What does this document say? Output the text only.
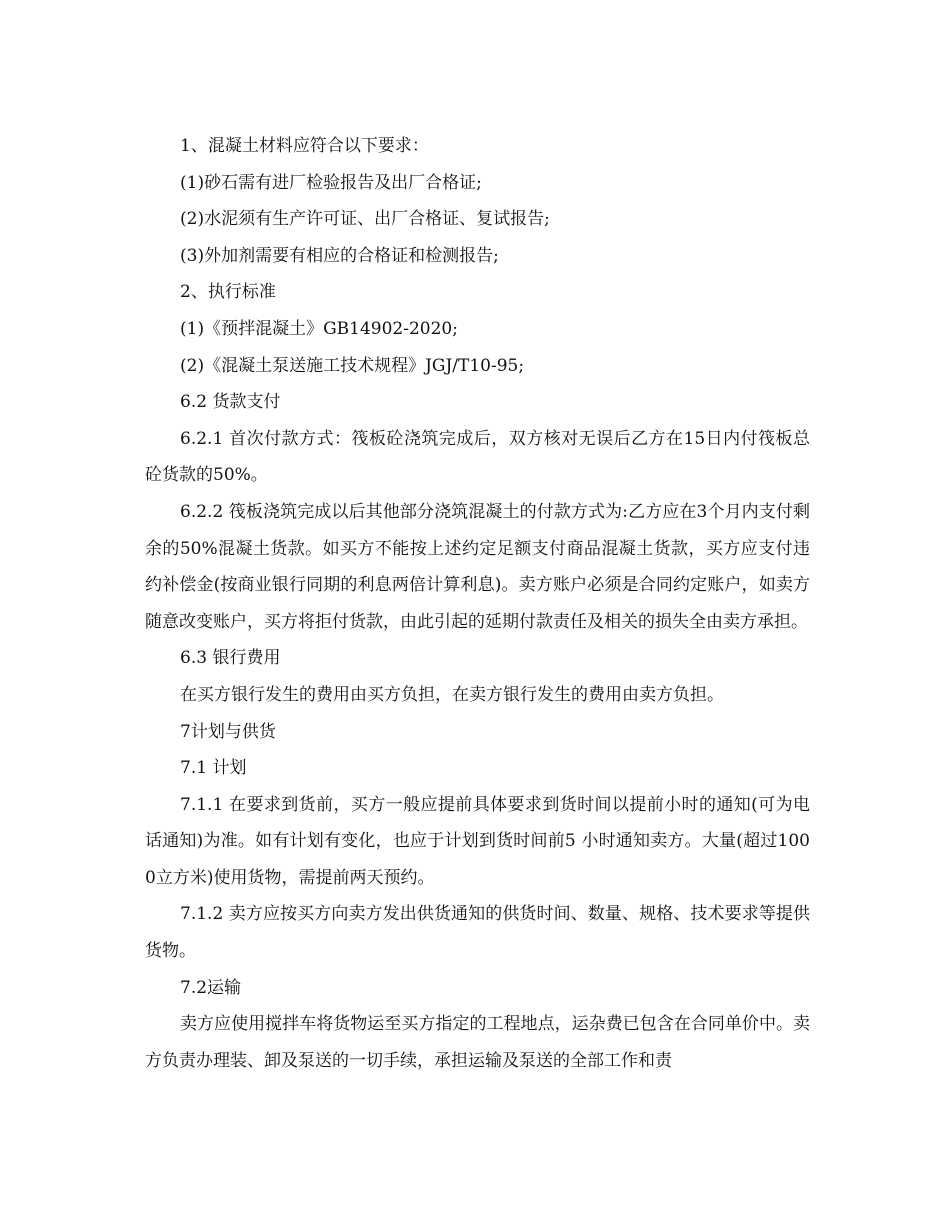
1、混凝土材料应符合以下要求：

(1)砂石需有进厂检验报告及出厂合格证;

(2)水泥须有生产许可证、出厂合格证、复试报告;

(3)外加剂需要有相应的合格证和检测报告;

2、执行标准

(1)《预拌混凝土》GB14902-2020;

(2)《混凝土泵送施工技术规程》JGJ/T10-95;

6.2 货款支付

6.2.1 首次付款方式：筏板砼浇筑完成后，双方核对无误后乙方在15日内付筏板总砼货款的50%。

6.2.2 筏板浇筑完成以后其他部分浇筑混凝土的付款方式为:乙方应在3个月内支付剩余的50%混凝土货款。如买方不能按上述约定足额支付商品混凝土货款，买方应支付违约补偿金(按商业银行同期的利息两倍计算利息)。卖方账户必须是合同约定账户，如卖方随意改变账户，买方将拒付货款，由此引起的延期付款责任及相关的损失全由卖方承担。

6.3 银行费用

在买方银行发生的费用由买方负担，在卖方银行发生的费用由卖方负担。

7计划与供货

7.1 计划

7.1.1 在要求到货前，买方一般应提前具体要求到货时间以提前小时的通知(可为电话通知)为准。如有计划有变化，也应于计划到货时间前5 小时通知卖方。大量(超过1000立方米)使用货物，需提前两天预约。

7.1.2 卖方应按买方向卖方发出供货通知的供货时间、数量、规格、技术要求等提供货物。

7.2运输

卖方应使用搅拌车将货物运至买方指定的工程地点，运杂费已包含在合同单价中。卖方负责办理装、卸及泵送的一切手续，承担运输及泵送的全部工作和责
